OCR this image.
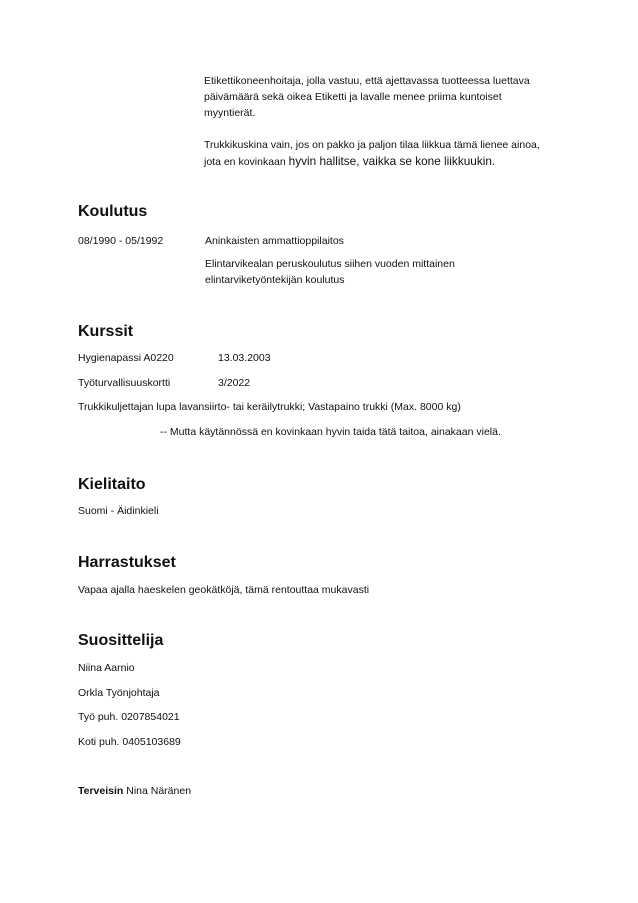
Etikettikoneenhoitaja, jolla vastuu, että ajettavassa tuotteessa luettava
päivämäärä sekä oikea Etiketti ja lavalle menee priima kuntoiset
myyntierät.
Trukkikuskina vain, jos on pakko ja paljon tilaa liikkua tämä lienee ainoa,
jota en kovinkaan hyvin hallitse, vaikka se kone liikkuukin.
Koulutus
08/1990 - 05/1992	Aninkaisten ammattioppilaitos
Elintarvikealan peruskoulutus siihen vuoden mittainen
elintarviketyöntekijän koulutus
Kurssit
Hygienapassi A0220	13.03.2003
Työturvallisuuskortti	3/2022
Trukkikuljettajan lupa lavansiirto- tai keräilytrukki; Vastapaino trukki (Max. 8000 kg)
-- Mutta käytännössä en kovinkaan hyvin taida tätä taitoa, ainakaan vielä.
Kielitaito
Suomi - Äidinkieli
Harrastukset
Vapaa ajalla haeskelen geokätköjä, tämä rentouttaa mukavasti
Suosittelija
Niina Aarnio
Orkla Työnjohtaja
Työ puh. 0207854021
Koti puh. 0405103689
Terveisin Nina Näränen
